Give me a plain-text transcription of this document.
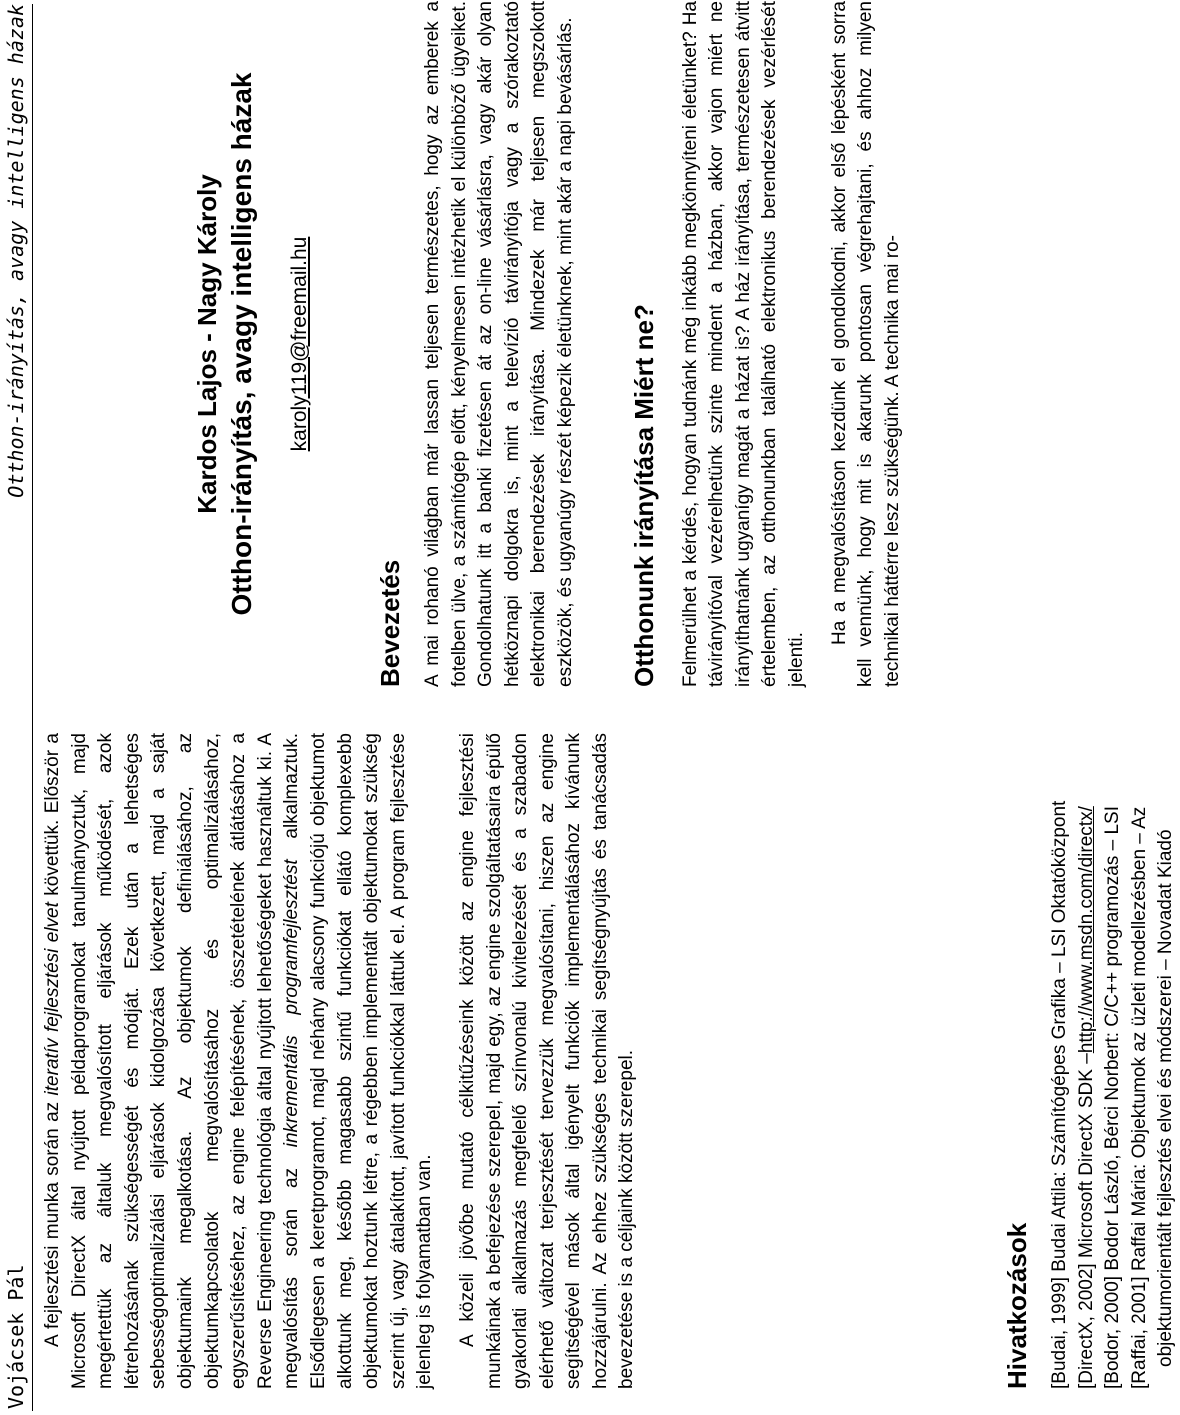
Vojácsek Pál
Otthon-irányítás, avagy intelligens házak

A fejlesztési munka során az iteratív fejlesztési elvet követtük. Először a Microsoft DirectX által nyújtott példaprogramokat tanulmányoztuk, majd megértettük az általuk megvalósított eljárások működését, azok létrehozásának szükségességét és módját. Ezek után a lehetséges sebességoptimalizálási eljárások kidolgozása következett, majd a saját objektumaink megalkotása. Az objektumok definiálásához, az objektumkapcsolatok megvalósításához és optimalizálásához, egyszerűsítéséhez, az engine felépítésének, összetételének átlátásához a Reverse Engineering technológia által nyújtott lehetőségeket használtuk ki. A megvalósítás során az inkrementális programfejlesztést alkalmaztuk. Elsődlegesen a keretprogramot, majd néhány alacsony funkciójú objektumot alkottunk meg, később magasabb szintű funkciókat ellátó komplexebb objektumokat hoztunk létre, a régebben implementált objektumokat szükség szerint új, vagy átalakított, javított funkciókkal láttuk el. A program fejlesztése jelenleg is folyamatban van. A közeli jövőbe mutató célkitűzéseink között az engine fejlesztési munkáinak a befejezése szerepel, majd egy, az engine szolgáltatásaira épülő gyakorlati alkalmazás megfelelő színvonalú kivitelezését és a szabadon elérhető változat terjesztését tervezzük megvalósítani, hiszen az engine segítségével mások által igényelt funkciók implementálásához kívánunk hozzájárulni. Az ehhez szükséges technikai segítségnyújtás és tanácsadás bevezetése is a céljaink között szerepel.	Hivatkozások [Budai, 1999] Budai Attila: Számítógépes Grafika – LSI Oktatóközpont [DirectX, 2002] Microsoft DirectX SDK –http://www.msdn.com/directx/ [Bodor, 2000] Bodor László, Bérci Norbert: C/C++ programozás – LSI [Raffai, 2001] Raffai Mária: Objektumok az üzleti modellezésben – Az objektumorientált fejlesztés elvei és módszerei – Novadat Kiadó

Kardos Lajos - Nagy Károly Otthon-irányítás, avagy intelligens házak karoly119@freemail.hu

Bevezetés A mai rohanó világban már lassan teljesen természetes, hogy az emberek a fotelben ülve, a számítógép előtt, kényelmesen intézhetik el különböző ügyeiket. Gondolhatunk itt a banki fizetésen át az on-line vásárlásra, vagy akár olyan hétköznapi dolgokra is, mint a televízió távirányítója vagy a szórakoztató elektronikai berendezések irányítása. Mindezek már teljesen megszokott eszközök, és ugyanúgy részét képezik életünknek, mint akár a napi bevásárlás. Otthonunk irányítása Miért ne? Felmerülhet a kérdés, hogyan tudnánk még inkább megkönnyíteni életünket? Ha távirányítóval vezérelhetünk szinte mindent a házban, akkor vajon miért ne irányíthatnánk ugyanígy magát a házat is? A ház irányítása, természetesen átvitt értelemben, az otthonunkban található elektronikus berendezések vezérlését jelenti.

Ha a megvalósításon kezdünk el gondolkodni, akkor első lépésként sorra kell vennünk, hogy mit is akarunk pontosan végrehajtani, és ahhoz milyen technikai háttérre lesz szükségünk. A technika mai ro-
